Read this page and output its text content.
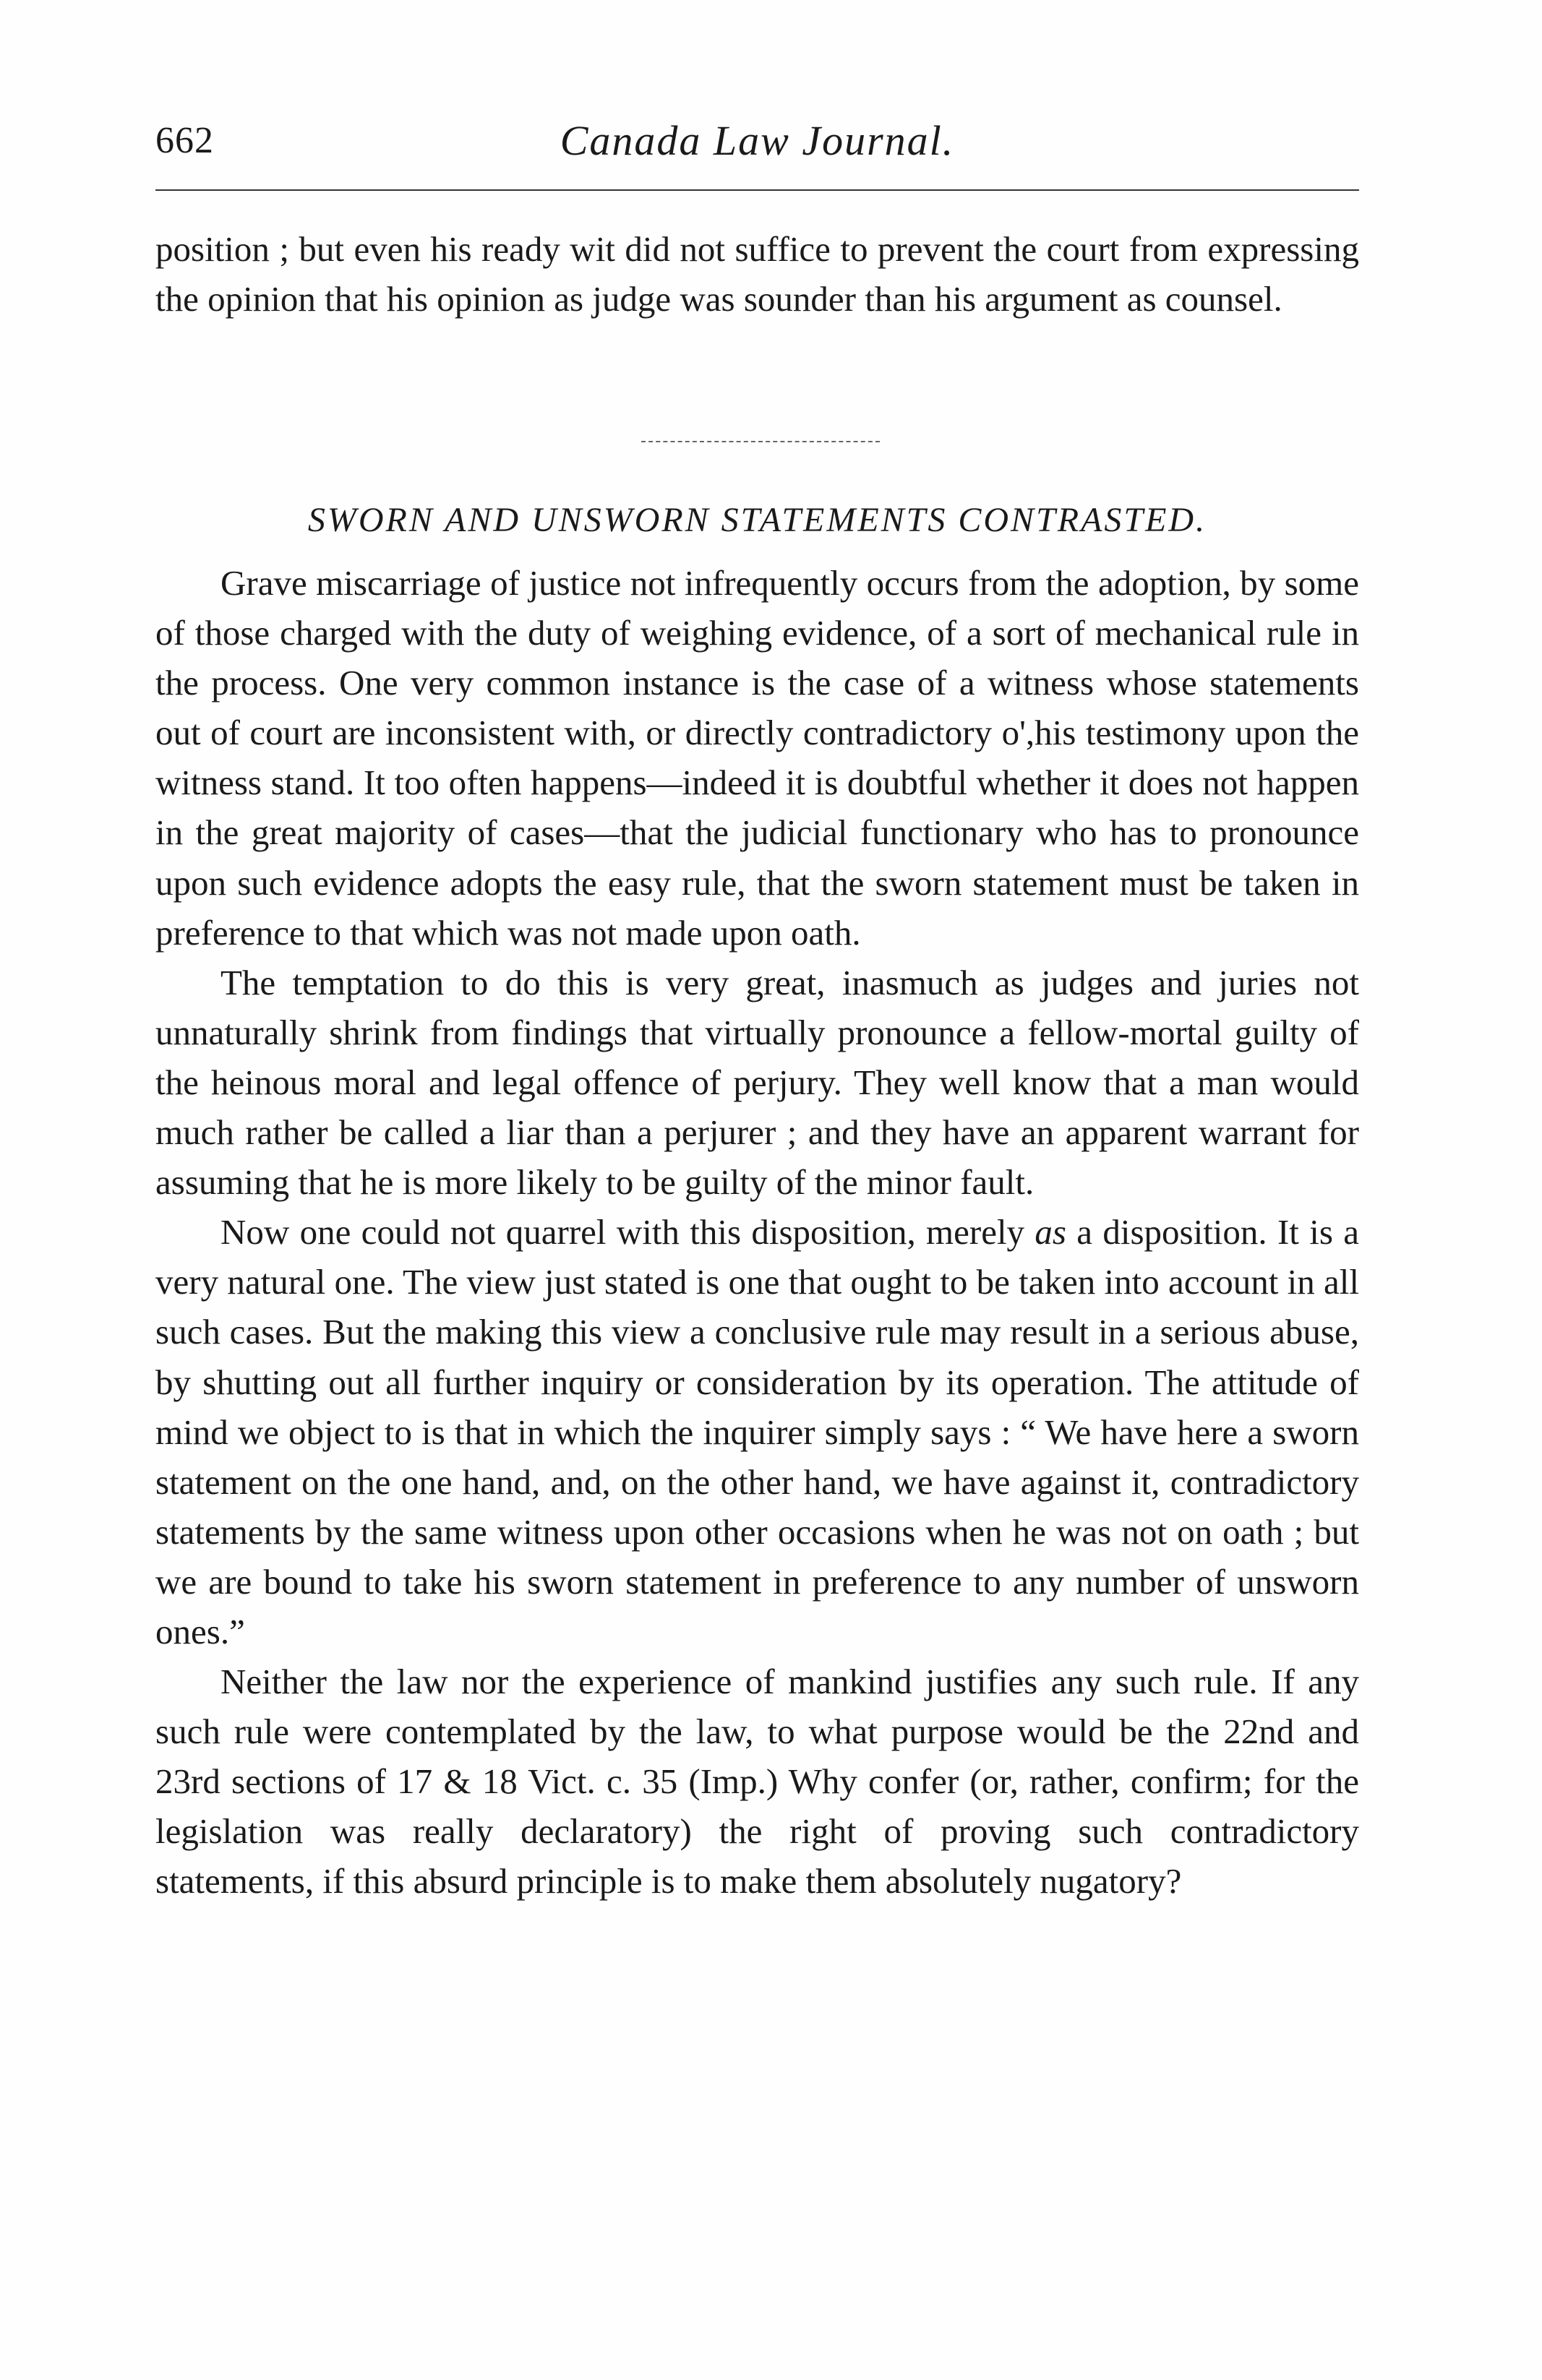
662	Canada Law Journal.

position ; but even his ready wit did not suffice to prevent the court from expressing the opinion that his opinion as judge was sounder than his argument as counsel.

SWORN AND UNSWORN STATEMENTS CONTRASTED.

Grave miscarriage of justice not infrequently occurs from the adoption, by some of those charged with the duty of weighing evidence, of a sort of mechanical rule in the process. One very common instance is the case of a witness whose statements out of court are inconsistent with, or directly contradictory o',his testimony upon the witness stand. It too often happens—indeed it is doubtful whether it does not happen in the great majority of cases—that the judicial functionary who has to pronounce upon such evidence adopts the easy rule, that the sworn statement must be taken in preference to that which was not made upon oath.

The temptation to do this is very great, inasmuch as judges and juries not unnaturally shrink from findings that virtually pronounce a fellow-mortal guilty of the heinous moral and legal offence of perjury. They well know that a man would much rather be called a liar than a perjurer ; and they have an apparent warrant for assuming that he is more likely to be guilty of the minor fault.

Now one could not quarrel with this disposition, merely as a disposition. It is a very natural one. The view just stated is one that ought to be taken into account in all such cases. But the making this view a conclusive rule may result in a serious abuse, by shutting out all further inquiry or consideration by its operation. The attitude of mind we object to is that in which the inquirer simply says : “ We have here a sworn statement on the one hand, and, on the other hand, we have against it, contradictory statements by the same witness upon other occasions when he was not on oath ; but we are bound to take his sworn statement in preference to any number of unsworn ones.”

Neither the law nor the experience of mankind justifies any such rule. If any such rule were contemplated by the law, to what purpose would be the 22nd and 23rd sections of 17 & 18 Vict. c. 35 (Imp.) Why confer (or, rather, confirm; for the legislation was really declaratory) the right of proving such contradictory statements, if this absurd principle is to make them absolutely nugatory?
